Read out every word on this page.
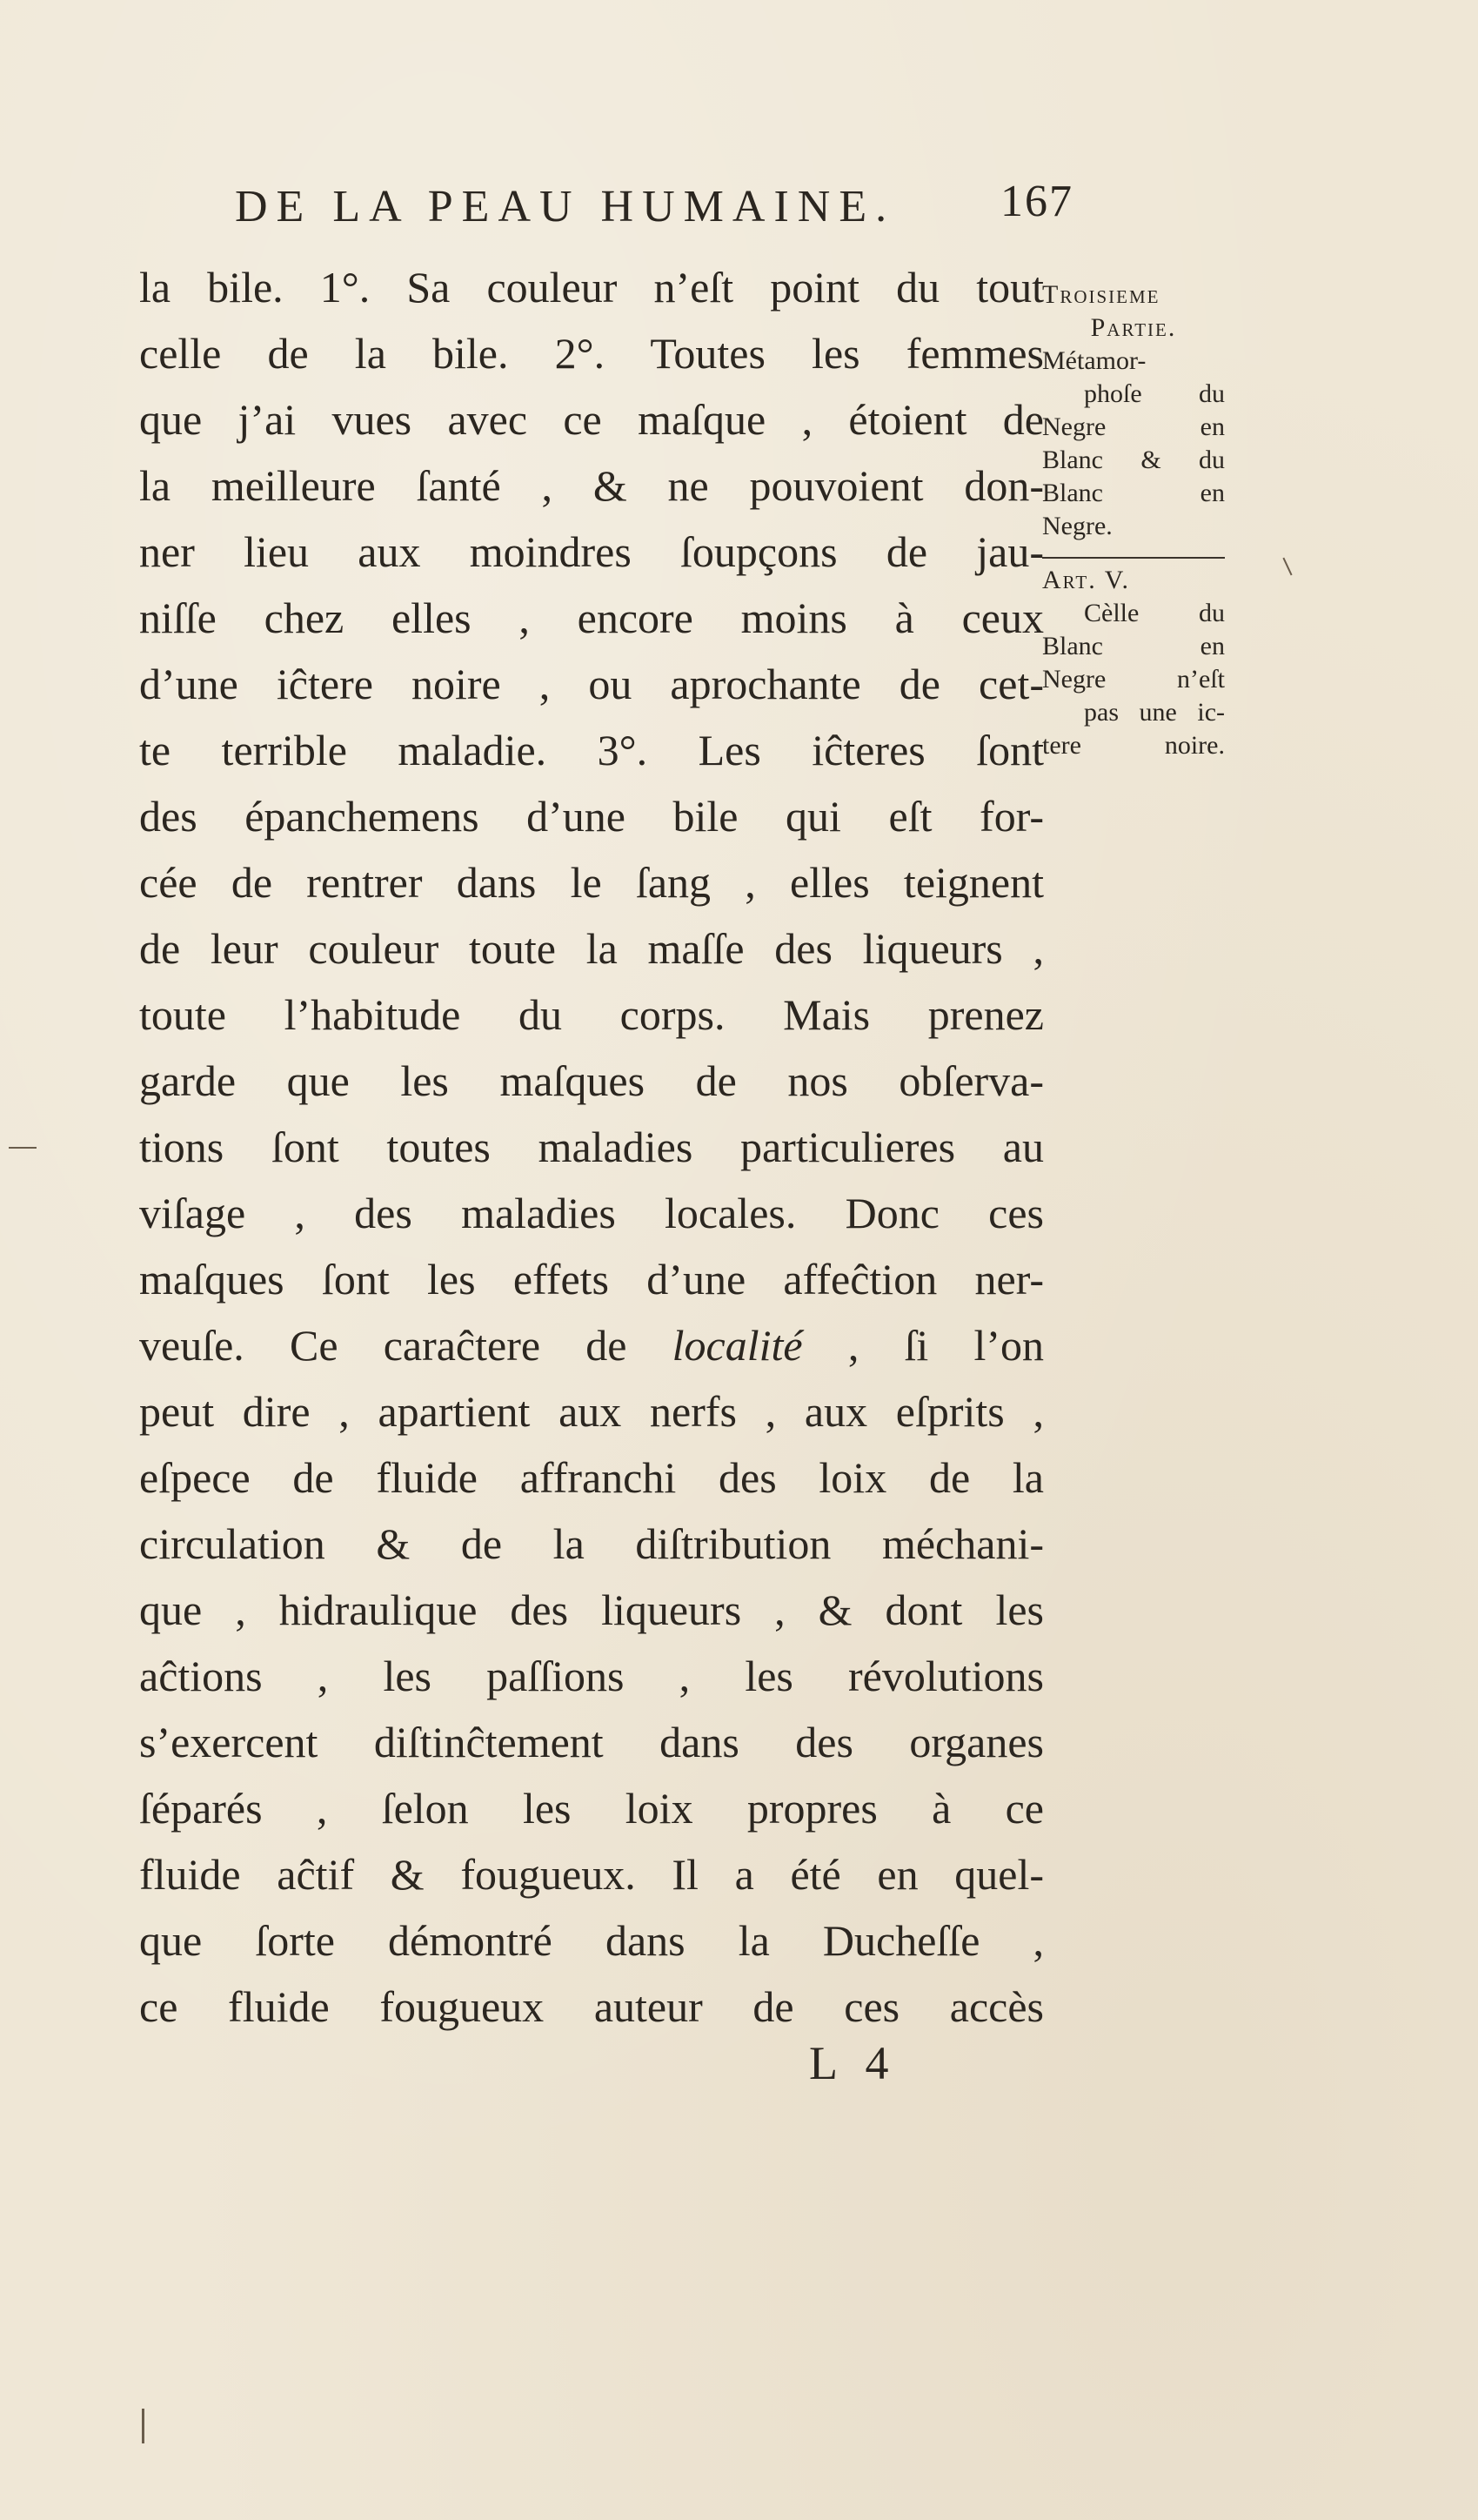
DE LA PEAU HUMAINE. 167
la bile. 1°. Sa couleur n’eſt point du tout
celle de la bile. 2°. Toutes les femmes
que j’ai vues avec ce maſque , étoient de
la meilleure ſanté , & ne pouvoient don-
ner lieu aux moindres ſoupçons de jau-
niſſe chez elles , encore moins à ceux
d’une iĉtere noire , ou aprochante de cet-
te terrible maladie. 3°. Les iĉteres ſont
des épanchemens d’une bile qui eſt for-
cée de rentrer dans le ſang , elles teignent
de leur couleur toute la maſſe des liqueurs ,
toute l’habitude du corps. Mais prenez
garde que les maſques de nos obſerva-
tions ſont toutes maladies particulieres au
viſage , des maladies locales. Donc ces
maſques ſont les effets d’une affeĉtion ner-
veuſe. Ce caraĉtere de localité , ſi l’on
peut dire , apartient aux nerfs , aux eſprits ,
eſpece de fluide affranchi des loix de la
circulation & de la diſtribution méchani-
que , hidraulique des liqueurs , & dont les
aĉtions , les paſſions , les révolutions
s’exercent diſtinĉtement dans des organes
ſéparés , ſelon les loix propres à ce
fluide aĉtif & fougueux. Il a été en quel-
que ſorte démontré dans la Ducheſſe ,
ce fluide fougueux auteur de ces accès
Troisieme
Partie.
Métamor-
phoſe du
Negre en
Blanc & du
Blanc en
Negre.
Art. V.
Cèlle du
Blanc en
Negre n’eſt
pas une ic-
tere noire.
L 4
